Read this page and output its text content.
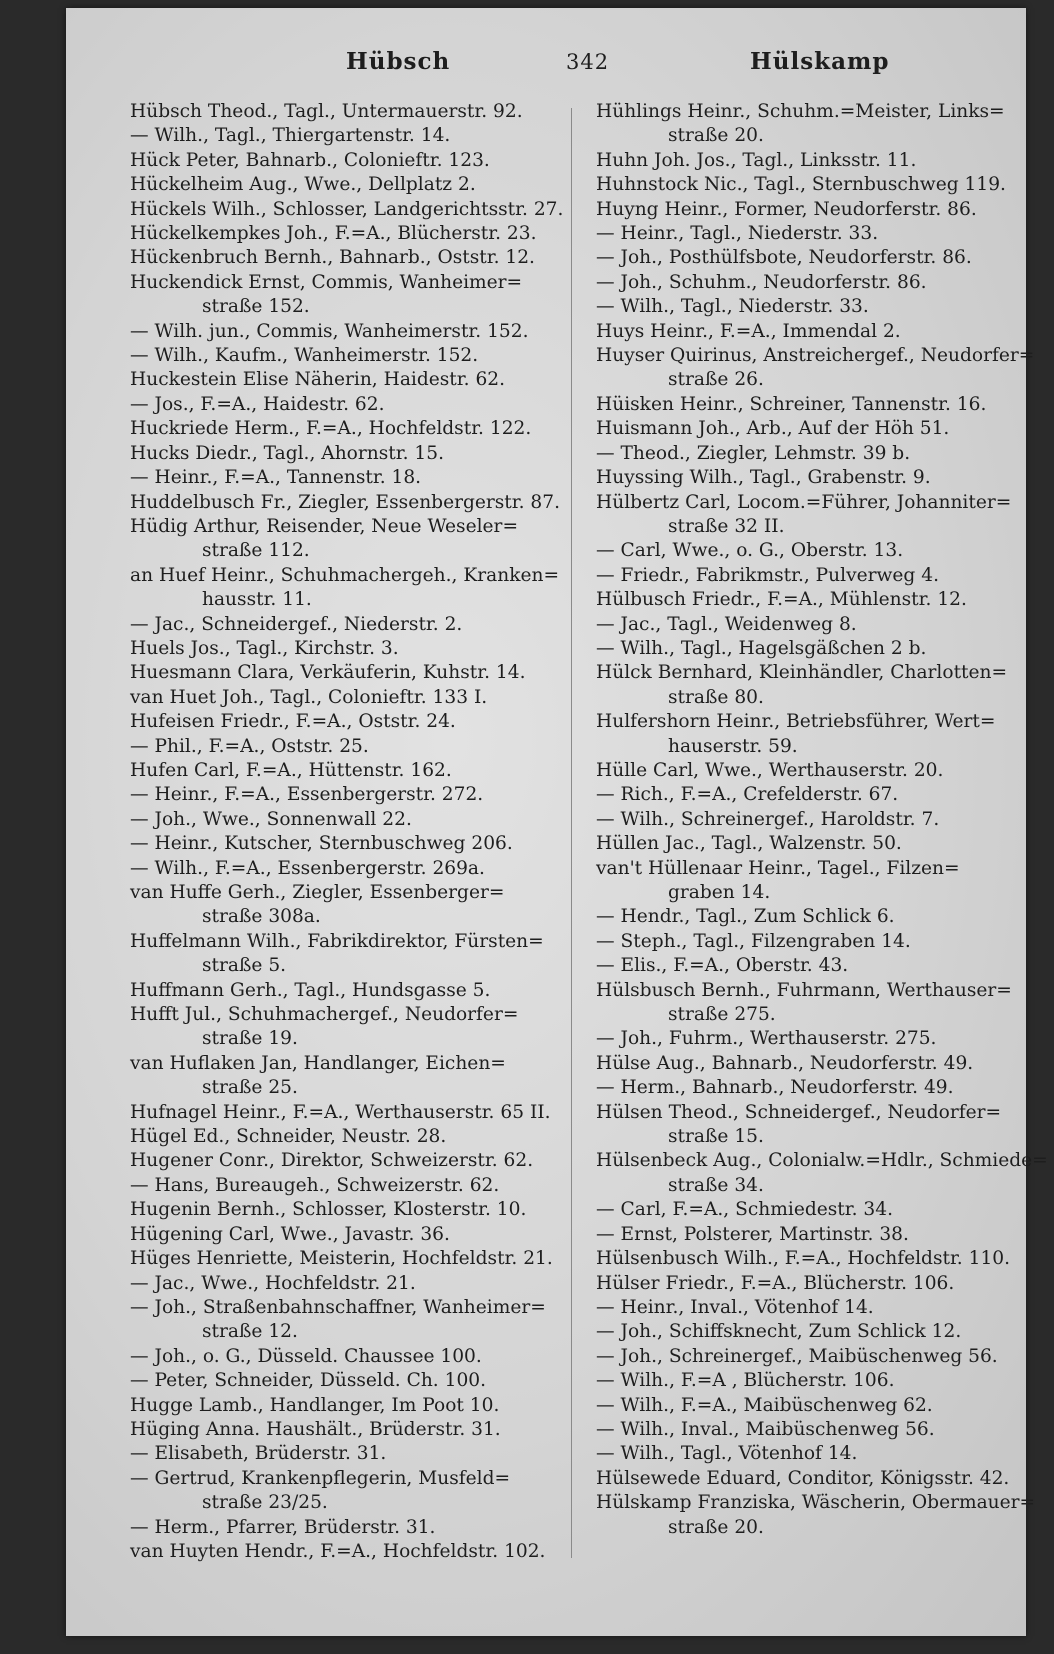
Hübsch	342	Hülskamp
Hübsch Theod., Tagl., Untermauerstr. 92.
— Wilh., Tagl., Thiergartenstr. 14.
Hück Peter, Bahnarb., Colonieftr. 123.
Hückelheim Aug., Wwe., Dellplatz 2.
Hückels Wilh., Schlosser, Landgerichtsstr. 27.
Hückelkempkes Joh., F.=A., Blücherstr. 23.
Hückenbruch Bernh., Bahnarb., Oststr. 12.
Huckendick Ernst, Commis, Wanheimer=
straße 152.
— Wilh. jun., Commis, Wanheimerstr. 152.
— Wilh., Kaufm., Wanheimerstr. 152.
Huckestein Elise Näherin, Haidestr. 62.
— Jos., F.=A., Haidestr. 62.
Huckriede Herm., F.=A., Hochfeldstr. 122.
Hucks Diedr., Tagl., Ahornstr. 15.
— Heinr., F.=A., Tannenstr. 18.
Huddelbusch Fr., Ziegler, Essenbergerstr. 87.
Hüdig Arthur, Reisender, Neue Weseler=
straße 112.
an Huef Heinr., Schuhmachergeh., Kranken=
hausstr. 11.
— Jac., Schneidergef., Niederstr. 2.
Huels Jos., Tagl., Kirchstr. 3.
Huesmann Clara, Verkäuferin, Kuhstr. 14.
van Huet Joh., Tagl., Colonieftr. 133 I.
Hufeisen Friedr., F.=A., Oststr. 24.
— Phil., F.=A., Oststr. 25.
Hufen Carl, F.=A., Hüttenstr. 162.
— Heinr., F.=A., Essenbergerstr. 272.
— Joh., Wwe., Sonnenwall 22.
— Heinr., Kutscher, Sternbuschweg 206.
— Wilh., F.=A., Essenbergerstr. 269a.
van Huffe Gerh., Ziegler, Essenberger=
straße 308a.
Huffelmann Wilh., Fabrikdirektor, Fürsten=
straße 5.
Huffmann Gerh., Tagl., Hundsgasse 5.
Hufft Jul., Schuhmachergef., Neudorfer=
straße 19.
van Huflaken Jan, Handlanger, Eichen=
straße 25.
Hufnagel Heinr., F.=A., Werthauserstr. 65 II.
Hügel Ed., Schneider, Neustr. 28.
Hugener Conr., Direktor, Schweizerstr. 62.
— Hans, Bureaugeh., Schweizerstr. 62.
Hugenin Bernh., Schlosser, Klosterstr. 10.
Hügening Carl, Wwe., Javastr. 36.
Hüges Henriette, Meisterin, Hochfeldstr. 21.
— Jac., Wwe., Hochfeldstr. 21.
— Joh., Straßenbahnschaffner, Wanheimer=
straße 12.
— Joh., o. G., Düsseld. Chaussee 100.
— Peter, Schneider, Düsseld. Ch. 100.
Hugge Lamb., Handlanger, Im Poot 10.
Hüging Anna. Haushält., Brüderstr. 31.
— Elisabeth, Brüderstr. 31.
— Gertrud, Krankenpflegerin, Musfeld=
straße 23/25.
— Herm., Pfarrer, Brüderstr. 31.
van Huyten Hendr., F.=A., Hochfeldstr. 102.
Hühlings Heinr., Schuhm.=Meister, Links=
straße 20.
Huhn Joh. Jos., Tagl., Linksstr. 11.
Huhnstock Nic., Tagl., Sternbuschweg 119.
Huyng Heinr., Former, Neudorferstr. 86.
— Heinr., Tagl., Niederstr. 33.
— Joh., Posthülfsbote, Neudorferstr. 86.
— Joh., Schuhm., Neudorferstr. 86.
— Wilh., Tagl., Niederstr. 33.
Huys Heinr., F.=A., Immendal 2.
Huyser Quirinus, Anstreichergef., Neudorfer=
straße 26.
Hüisken Heinr., Schreiner, Tannenstr. 16.
Huismann Joh., Arb., Auf der Höh 51.
— Theod., Ziegler, Lehmstr. 39 b.
Huyssing Wilh., Tagl., Grabenstr. 9.
Hülbertz Carl, Locom.=Führer, Johanniter=
straße 32 II.
— Carl, Wwe., o. G., Oberstr. 13.
— Friedr., Fabrikmstr., Pulverweg 4.
Hülbusch Friedr., F.=A., Mühlenstr. 12.
— Jac., Tagl., Weidenweg 8.
— Wilh., Tagl., Hagelsgäßchen 2 b.
Hülck Bernhard, Kleinhändler, Charlotten=
straße 80.
Hulfershorn Heinr., Betriebsführer, Wert=
hauserstr. 59.
Hülle Carl, Wwe., Werthauserstr. 20.
— Rich., F.=A., Crefelderstr. 67.
— Wilh., Schreinergef., Haroldstr. 7.
Hüllen Jac., Tagl., Walzenstr. 50.
van't Hüllenaar Heinr., Tagel., Filzen=
graben 14.
— Hendr., Tagl., Zum Schlick 6.
— Steph., Tagl., Filzengraben 14.
— Elis., F.=A., Oberstr. 43.
Hülsbusch Bernh., Fuhrmann, Werthauser=
straße 275.
— Joh., Fuhrm., Werthauserstr. 275.
Hülse Aug., Bahnarb., Neudorferstr. 49.
— Herm., Bahnarb., Neudorferstr. 49.
Hülsen Theod., Schneidergef., Neudorfer=
straße 15.
Hülsenbeck Aug., Colonialw.=Hdlr., Schmiede=
straße 34.
— Carl, F.=A., Schmiedestr. 34.
— Ernst, Polsterer, Martinstr. 38.
Hülsenbusch Wilh., F.=A., Hochfeldstr. 110.
Hülser Friedr., F.=A., Blücherstr. 106.
— Heinr., Inval., Vötenhof 14.
— Joh., Schiffsknecht, Zum Schlick 12.
— Joh., Schreinergef., Maibüschenweg 56.
— Wilh., F.=A , Blücherstr. 106.
— Wilh., F.=A., Maibüschenweg 62.
— Wilh., Inval., Maibüschenweg 56.
— Wilh., Tagl., Vötenhof 14.
Hülsewede Eduard, Conditor, Königsstr. 42.
Hülskamp Franziska, Wäscherin, Obermauer=
straße 20.
